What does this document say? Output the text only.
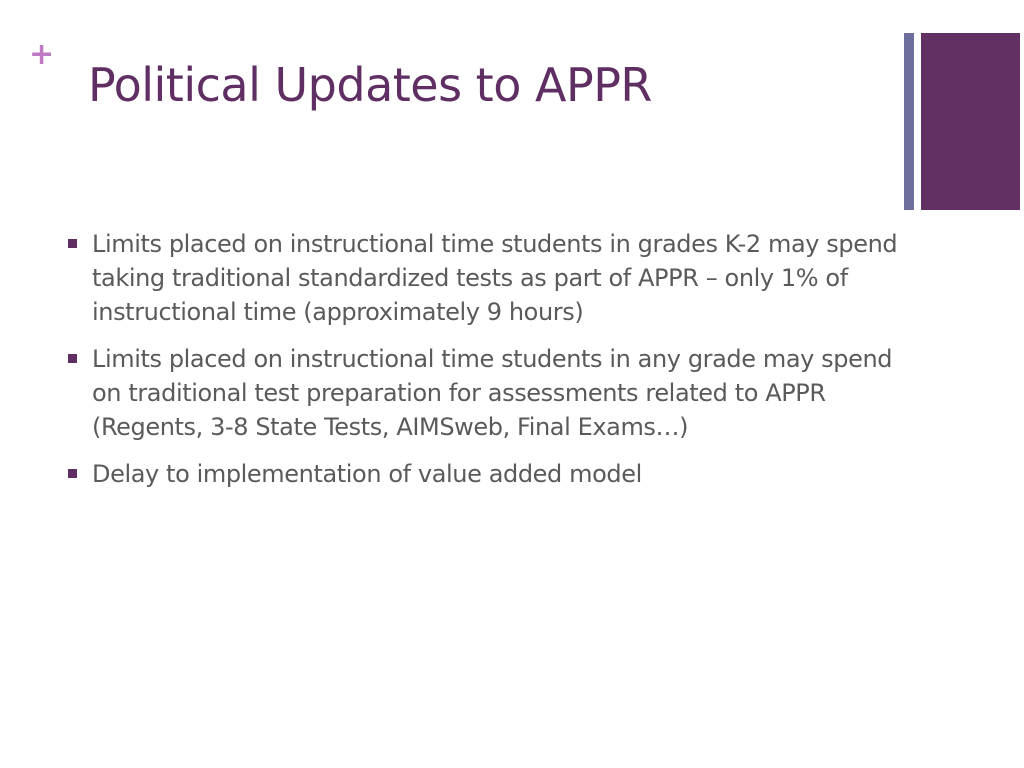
+
Political Updates to APPR
Limits placed on instructional time students in grades K-2 may spend taking traditional standardized tests as part of APPR – only 1% of instructional time (approximately 9 hours)
Limits placed on instructional time students in any grade may spend on traditional test preparation for assessments related to APPR (Regents, 3-8 State Tests, AIMSweb, Final Exams…)
Delay to implementation of value added model
